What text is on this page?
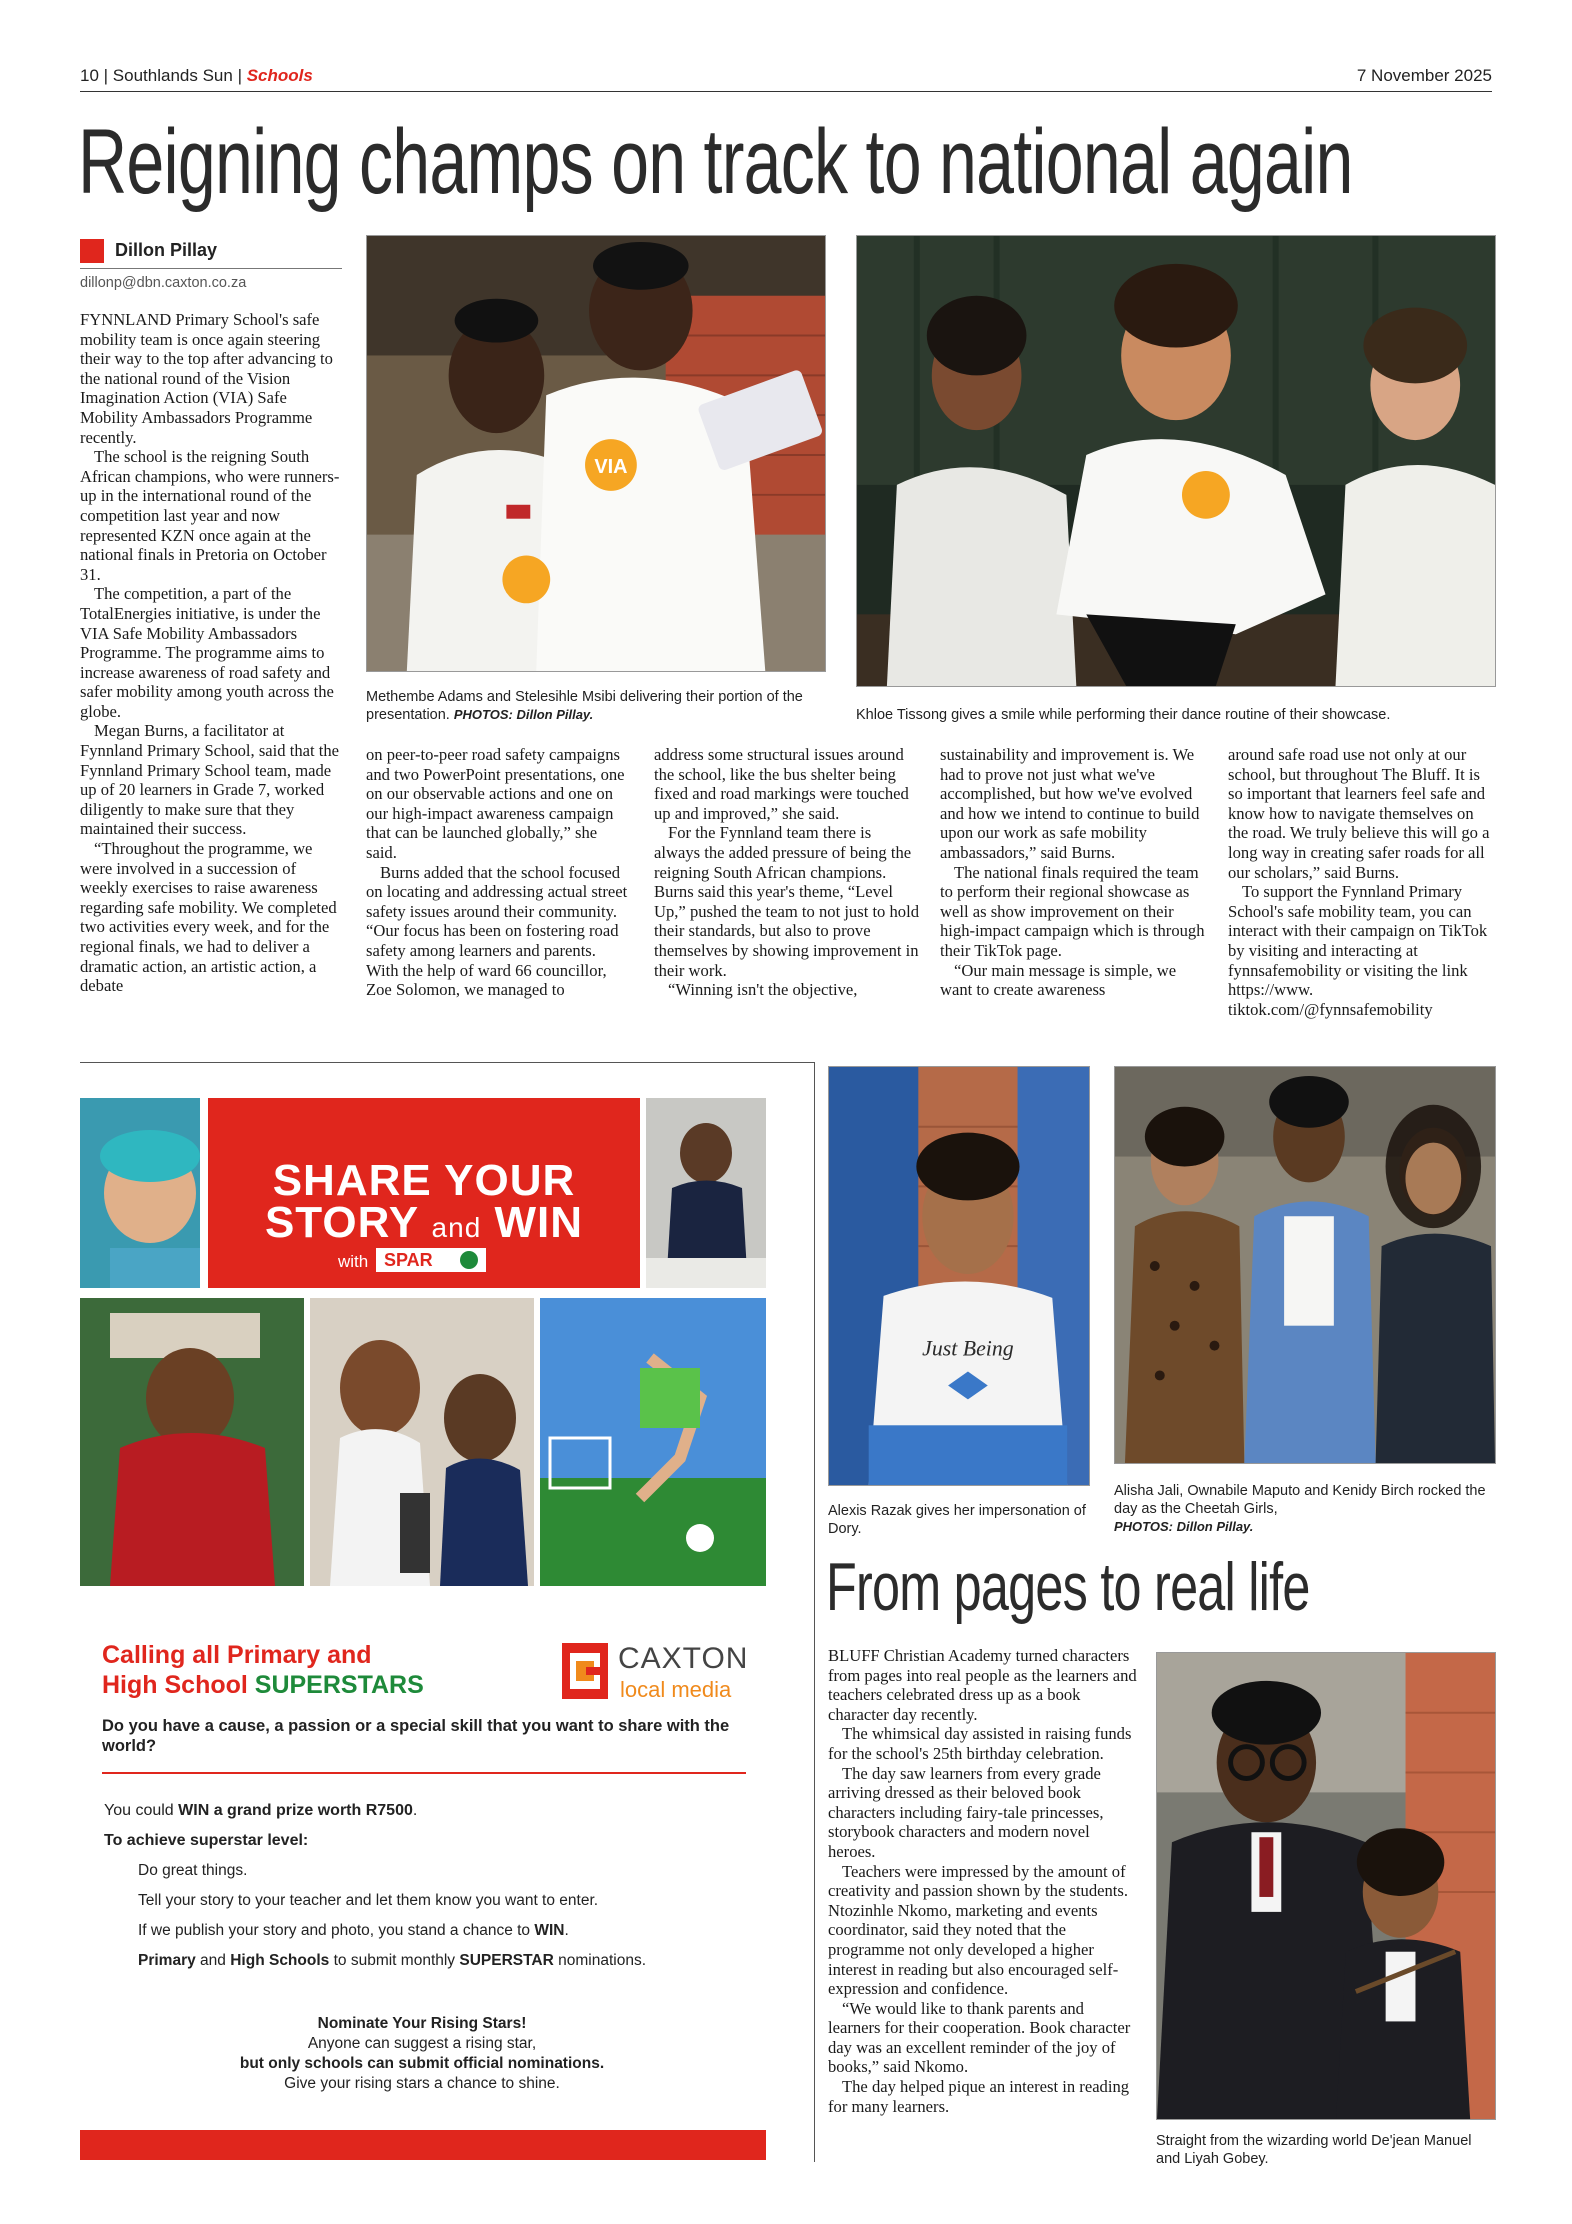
10 | Southlands Sun | Schools	7 November 2025
Reigning champs on track to national again
Dillon Pillay
dillonp@dbn.caxton.co.za

FYNNLAND Primary School's safe mobility team is once again steering their way to the top after advancing to the national round of the Vision Imagination Action (VIA) Safe Mobility Ambassadors Programme recently.

The school is the reigning South African champions, who were runners-up in the international round of the competition last year and now represented KZN once again at the national finals in Pretoria on October 31.

The competition, a part of the TotalEnergies initiative, is under the VIA Safe Mobility Ambassadors Programme. The programme aims to increase awareness of road safety and safer mobility among youth across the globe.

Megan Burns, a facilitator at Fynnland Primary School, said that the Fynnland Primary School team, made up of 20 learners in Grade 7, worked diligently to make sure that they maintained their success.

“Throughout the programme, we were involved in a succession of weekly exercises to raise awareness regarding safe mobility. We completed two activities every week, and for the regional finals, we had to deliver a dramatic action, an artistic action, a debate

VIA
Methembe Adams and Stelesihle Msibi delivering their portion of the presentation. PHOTOS: Dillon Pillay.	Khloe Tissong gives a smile while performing their dance routine of their showcase.

on peer-to-peer road safety campaigns and two PowerPoint presentations, one on our observable actions and one on our high-impact awareness campaign that can be launched globally,” she said.

Burns added that the school focused on locating and addressing actual street safety issues around their community. “Our focus has been on fostering road safety among learners and parents. With the help of ward 66 councillor, Zoe Solomon, we managed to

address some structural issues around the school, like the bus shelter being fixed and road markings were touched up and improved,” she said.

For the Fynnland team there is always the added pressure of being the reigning South African champions. Burns said this year's theme, “Level Up,” pushed the team to not just to hold their standards, but also to prove themselves by showing improvement in their work.

“Winning isn't the objective,

sustainability and improvement is. We had to prove not just what we've accomplished, but how we've evolved and how we intend to continue to build upon our work as safe mobility ambassadors,” said Burns.

The national finals required the team to perform their regional showcase as well as show improvement on their high-impact campaign which is through their TikTok page.

“Our main message is simple, we want to create awareness

around safe road use not only at our school, but throughout The Bluff. It is so important that learners feel safe and know how to navigate themselves on the road. We truly believe this will go a long way in creating safer roads for all our scholars,” said Burns.

To support the Fynnland Primary School's safe mobility team, you can interact with their campaign on TikTok by visiting and interacting at fynnsafemobility or visiting the link https://www. tiktok.com/@fynnsafemobility

SHARE YOUR
STORY and WIN
with SPAR
Calling all Primary and
High School SUPERSTARS
CAXTON
local media
Do you have a cause, a passion or a special skill that you want to share with the world?
You could WIN a grand prize worth R7500.
To achieve superstar level:
Do great things.
Tell your story to your teacher and let them know you want to enter.
If we publish your story and photo, you stand a chance to WIN.
Primary and High Schools to submit monthly SUPERSTAR nominations.
Nominate Your Rising Stars!
Anyone can suggest a rising star,
but only schools can submit official nominations.
Give your rising stars a chance to shine.
Just Being
Alexis Razak gives her impersonation of Dory.
Alisha Jali, Ownabile Maputo and Kenidy Birch rocked the day as the Cheetah Girls,
PHOTOS: Dillon Pillay.
From pages to real life

BLUFF Christian Academy turned characters from pages into real people as the learners and teachers celebrated dress up as a book character day recently.

The whimsical day assisted in raising funds for the school's 25th birthday celebration.

The day saw learners from every grade arriving dressed as their beloved book characters including fairy-tale princesses, storybook characters and modern novel heroes.

Teachers were impressed by the amount of creativity and passion shown by the students. Ntozinhle Nkomo, marketing and events coordinator, said they noted that the programme not only developed a higher interest in reading but also encouraged self-expression and confidence.

“We would like to thank parents and learners for their cooperation. Book character day was an excellent reminder of the joy of books,” said Nkomo.

The day helped pique an interest in reading for many learners.

Straight from the wizarding world De'jean Manuel and Liyah Gobey.
